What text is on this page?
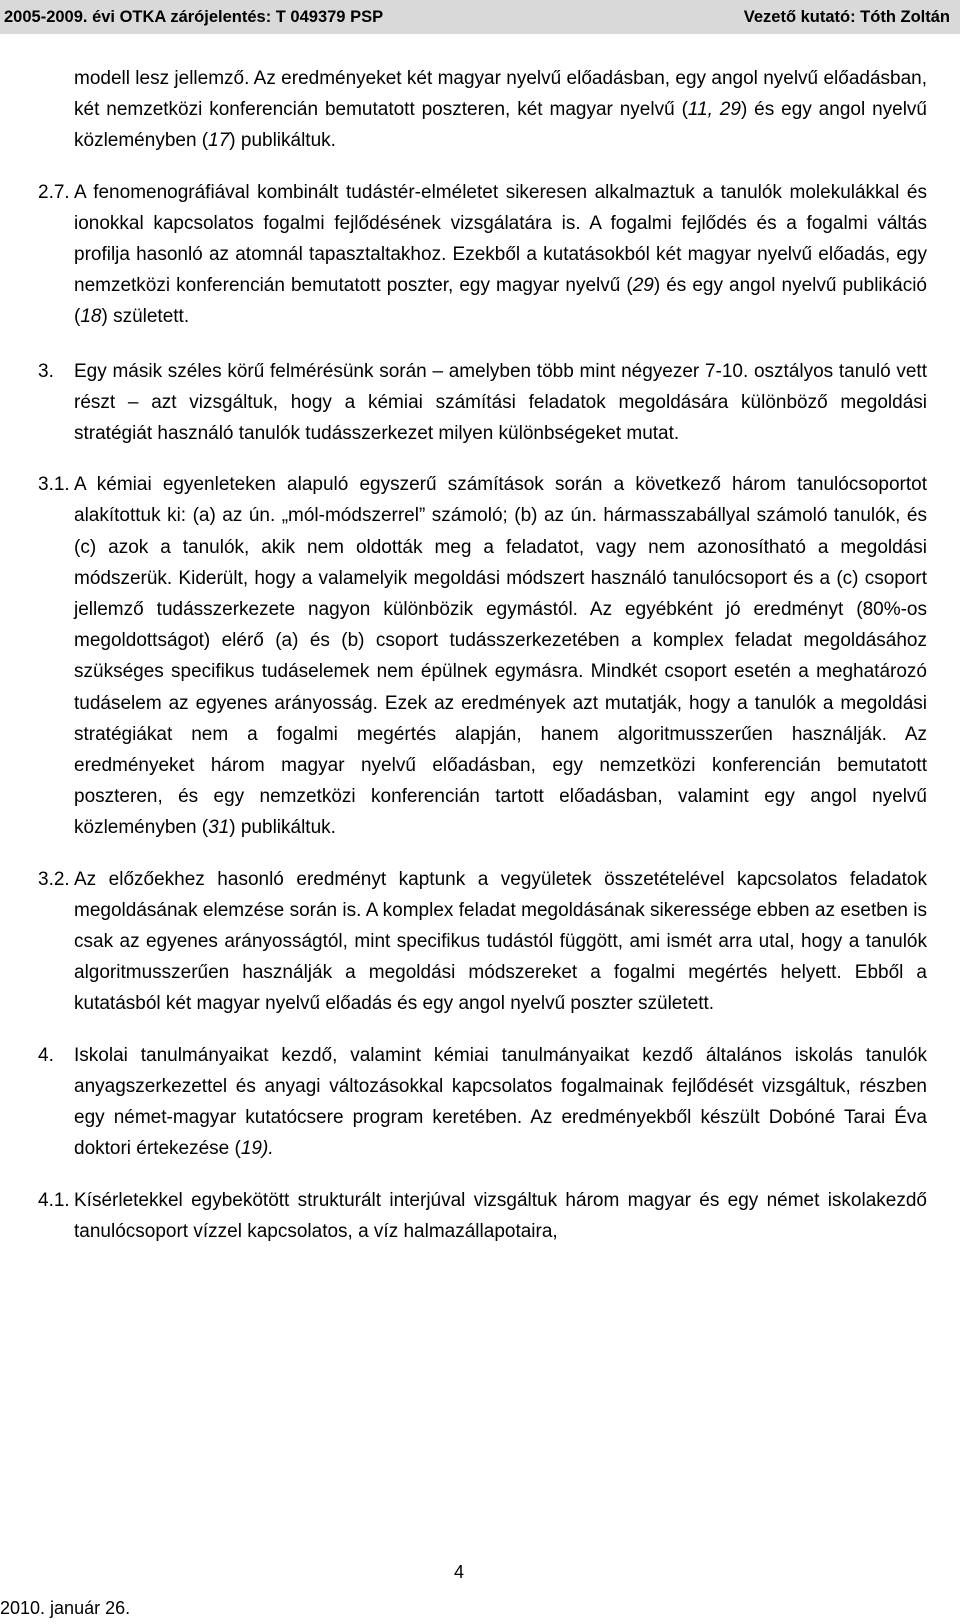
2005-2009. évi OTKA zárójelentés: T 049379 PSP	Vezető kutató: Tóth Zoltán

modell lesz jellemző. Az eredményeket két magyar nyelvű előadásban, egy angol nyelvű előadásban, két nemzetközi konferencián bemutatott poszteren, két magyar nyelvű (11, 29) és egy angol nyelvű közleményben (17) publikáltuk.

2.7. A fenomenográfiával kombinált tudástér-elméletet sikeresen alkalmaztuk a tanulók molekulákkal és ionokkal kapcsolatos fogalmi fejlődésének vizsgálatára is. A fogalmi fejlődés és a fogalmi váltás profilja hasonló az atomnál tapasztaltakhoz. Ezekből a kutatásokból két magyar nyelvű előadás, egy nemzetközi konferencián bemutatott poszter, egy magyar nyelvű (29) és egy angol nyelvű publikáció (18) született.

3. Egy másik széles körű felmérésünk során – amelyben több mint négyezer 7-10. osztályos tanuló vett részt – azt vizsgáltuk, hogy a kémiai számítási feladatok megoldására különböző megoldási stratégiát használó tanulók tudásszerkezet milyen különbségeket mutat.

3.1. A kémiai egyenleteken alapuló egyszerű számítások során a következő három tanulócsoportot alakítottuk ki: (a) az ún. „mól-módszerrel” számoló; (b) az ún. hármasszabállyal számoló tanulók, és (c) azok a tanulók, akik nem oldották meg a feladatot, vagy nem azonosítható a megoldási módszerük. Kiderült, hogy a valamelyik megoldási módszert használó tanulócsoport és a (c) csoport jellemző tudásszerkezete nagyon különbözik egymástól. Az egyébként jó eredményt (80%-os megoldottságot) elérő (a) és (b) csoport tudásszerkezetében a komplex feladat megoldásához szükséges specifikus tudáselemek nem épülnek egymásra. Mindkét csoport esetén a meghatározó tudáselem az egyenes arányosság. Ezek az eredmények azt mutatják, hogy a tanulók a megoldási stratégiákat nem a fogalmi megértés alapján, hanem algoritmusszerűen használják. Az eredményeket három magyar nyelvű előadásban, egy nemzetközi konferencián bemutatott poszteren, és egy nemzetközi konferencián tartott előadásban, valamint egy angol nyelvű közleményben (31) publikáltuk.

3.2. Az előzőekhez hasonló eredményt kaptunk a vegyületek összetételével kapcsolatos feladatok megoldásának elemzése során is. A komplex feladat megoldásának sikeressége ebben az esetben is csak az egyenes arányosságtól, mint specifikus tudástól függött, ami ismét arra utal, hogy a tanulók algoritmusszerűen használják a megoldási módszereket a fogalmi megértés helyett. Ebből a kutatásból két magyar nyelvű előadás és egy angol nyelvű poszter született.

4. Iskolai tanulmányaikat kezdő, valamint kémiai tanulmányaikat kezdő általános iskolás tanulók anyagszerkezettel és anyagi változásokkal kapcsolatos fogalmainak fejlődését vizsgáltuk, részben egy német-magyar kutatócsere program keretében. Az eredményekből készült Dobóné Tarai Éva doktori értekezése (19).

4.1. Kísérletekkel egybekötött strukturált interjúval vizsgáltuk három magyar és egy német iskolakezdő tanulócsoport vízzel kapcsolatos, a víz halmazállapotaira,

4
2010. január 26.
